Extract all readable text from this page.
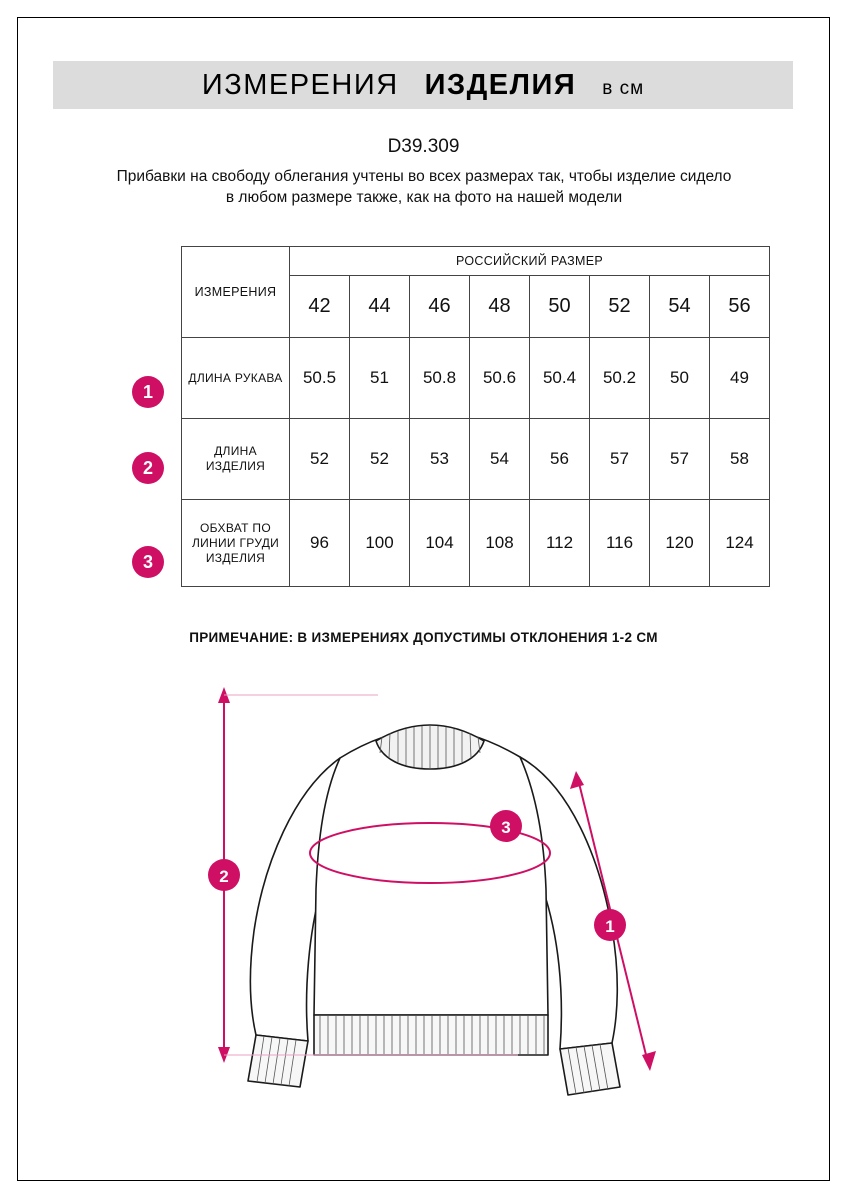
ИЗМЕРЕНИЯ ИЗДЕЛИЯ в см
D39.309
Прибавки на свободу облегания учтены во всех размерах так, чтобы изделие сидело в любом размере также, как на фото на нашей модели
1
2
3
ИЗМЕРЕНИЯ	РОССИЙСКИЙ РАЗМЕР							
	42	44	46	48	50	52	54	56
ДЛИНА РУКАВА	50.5	51	50.8	50.6	50.4	50.2	50	49
ДЛИНА ИЗДЕЛИЯ	52	52	53	54	56	57	57	58
ОБХВАТ ПО ЛИНИИ ГРУДИ ИЗДЕЛИЯ	96	100	104	108	112	116	120	124
ПРИМЕЧАНИЕ: В ИЗМЕРЕНИЯХ ДОПУСТИМЫ ОТКЛОНЕНИЯ 1-2 СМ
2
1
3
